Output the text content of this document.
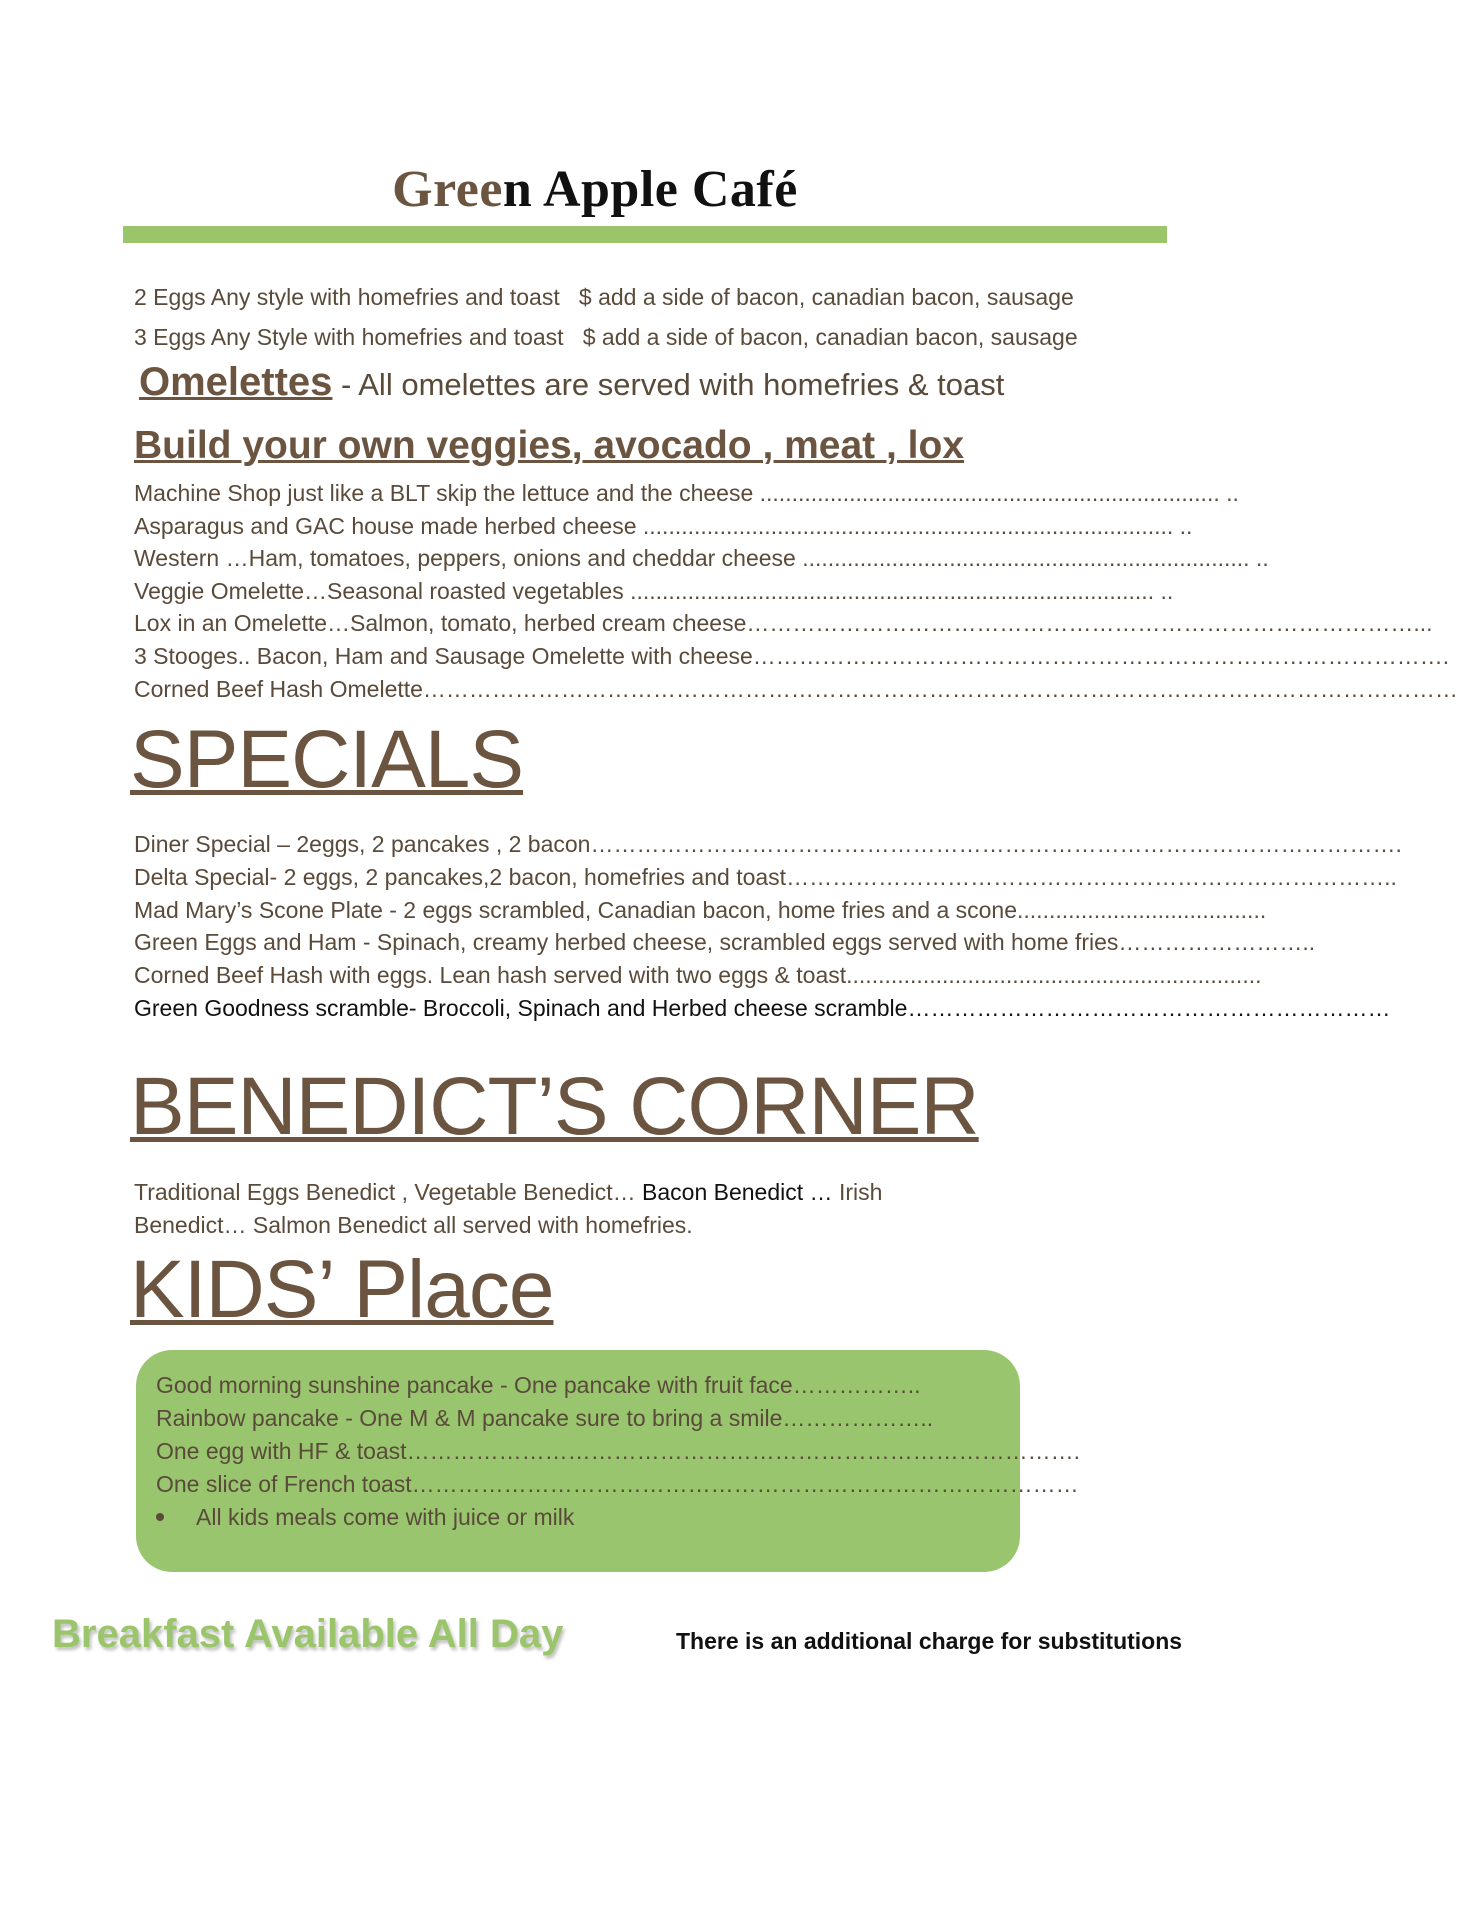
Green Apple Café
2 Eggs Any style with homefries and toast   $ add a side of bacon, canadian bacon, sausage
3 Eggs Any Style with homefries and toast   $ add a side of bacon, canadian bacon, sausage
Omelettes - All omelettes are served with homefries & toast
Build your own veggies, avocado , meat , lox
Machine Shop just like a BLT skip the lettuce and the cheese ........................................................................ ..
Asparagus and GAC house made herbed cheese ................................................................................... ..
Western …Ham, tomatoes, peppers, onions and cheddar cheese ...................................................................... ..
Veggie Omelette…Seasonal roasted vegetables .................................................................................. ..
Lox in an Omelette…Salmon, tomato, herbed cream cheese……………………………………………………………………………...
3 Stooges.. Bacon, Ham and Sausage Omelette with cheese……………………………………………………………………………….
Corned Beef Hash Omelette………………………………………………………………………………………………………………………
SPECIALS
Diner Special – 2eggs, 2 pancakes , 2 bacon…………………………………………………………………………………………….
Delta Special- 2 eggs, 2 pancakes,2 bacon, homefries and toast……………………………………………………………………..
Mad Mary’s Scone Plate - 2 eggs scrambled, Canadian bacon, home fries and a scone.......................................
Green Eggs and Ham - Spinach, creamy herbed cheese, scrambled eggs served with home fries……………………..
Corned Beef Hash with eggs. Lean hash served with two eggs & toast.................................................................
Green Goodness scramble- Broccoli, Spinach and Herbed cheese scramble………………………………………………………
BENEDICT’S CORNER
Traditional Eggs Benedict , Vegetable Benedict… Bacon Benedict … Irish Benedict… Salmon Benedict all served with homefries.
KIDS’ Place
Good morning sunshine pancake - One pancake with fruit face……………..
Rainbow pancake - One M & M pancake sure to bring a smile………………..
One egg with HF & toast…………………………………………………………………………….
One slice of French toast……………………………………………………………………………
All kids meals come with juice or milk
Breakfast Available All Day	There is an additional charge for substitutions
